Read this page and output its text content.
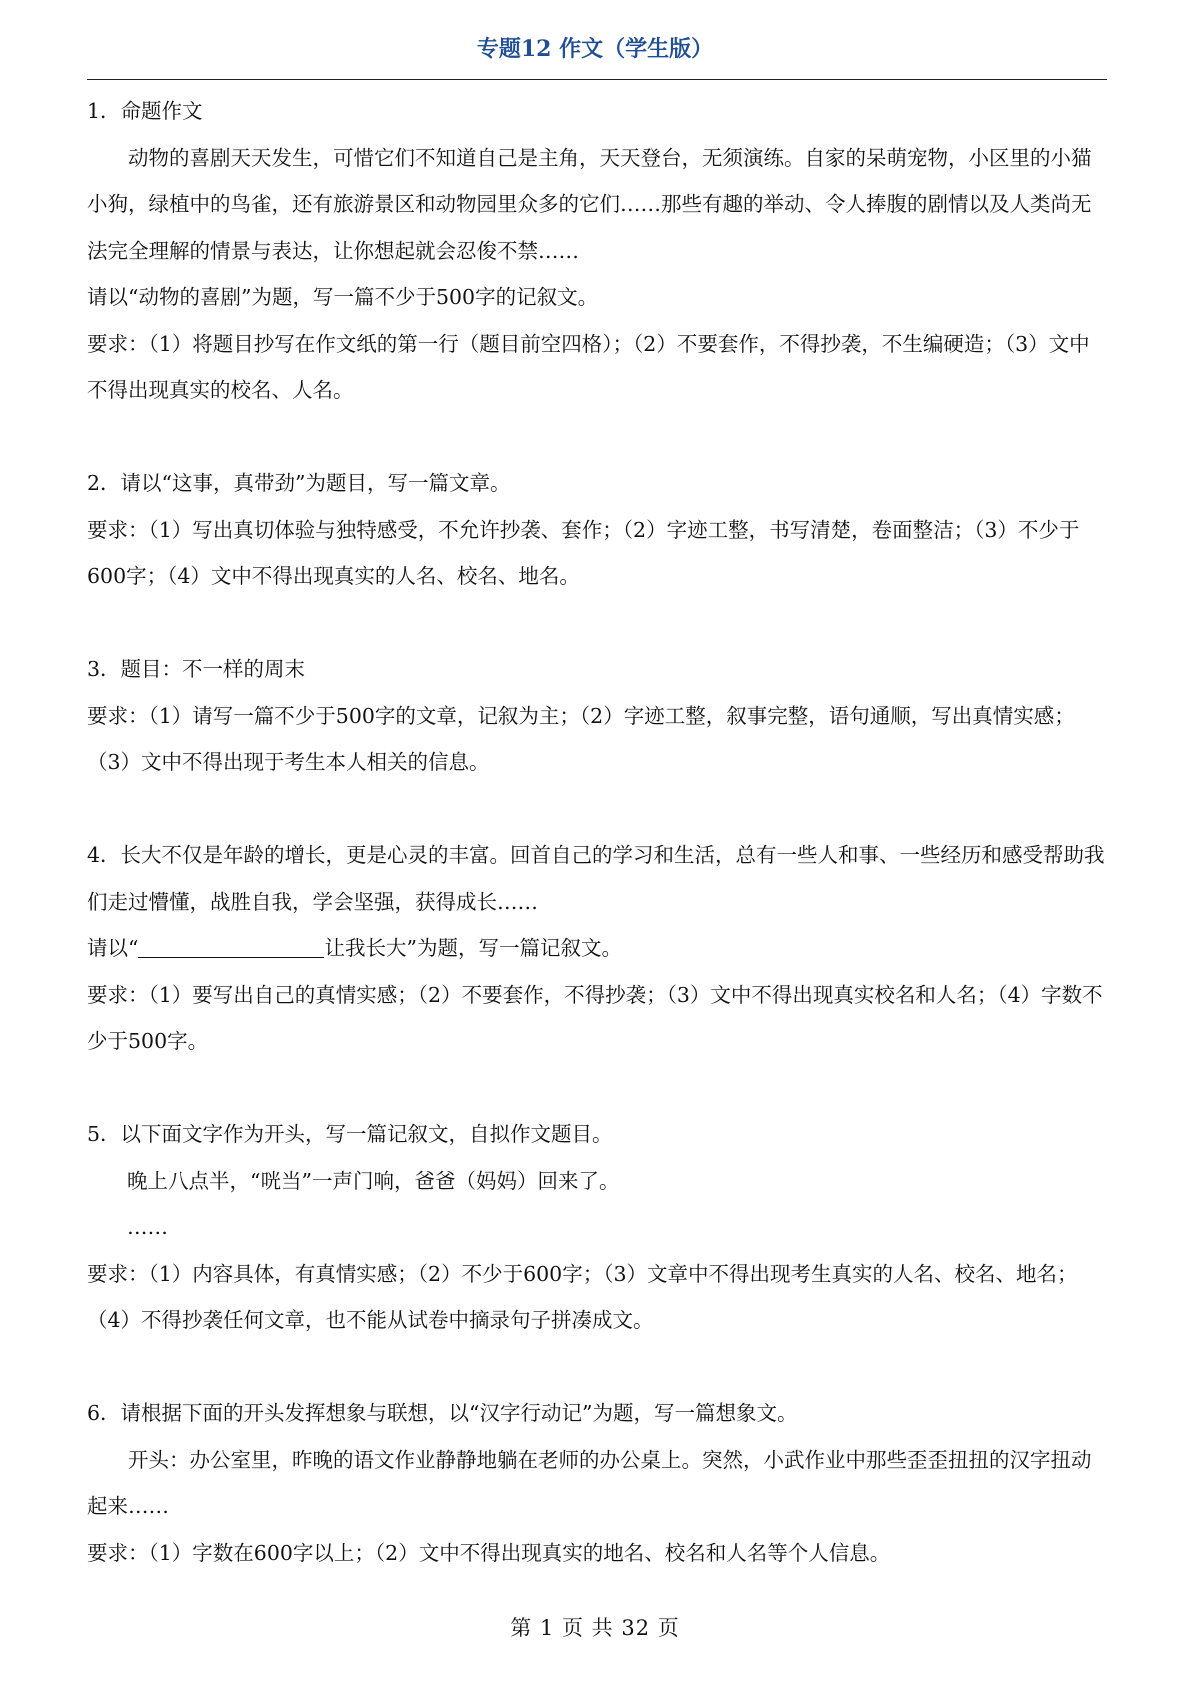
专题12 作文（学生版）

1．命题作文

动物的喜剧天天发生，可惜它们不知道自己是主角，天天登台，无须演练。自家的呆萌宠物，小区里的小猫小狗，绿植中的鸟雀，还有旅游景区和动物园里众多的它们……那些有趣的举动、令人捧腹的剧情以及人类尚无法完全理解的情景与表达，让你想起就会忍俊不禁……

请以“动物的喜剧”为题，写一篇不少于500字的记叙文。

要求：（1）将题目抄写在作文纸的第一行（题目前空四格）；（2）不要套作，不得抄袭，不生编硬造；（3）文中不得出现真实的校名、人名。

2．请以“这事，真带劲”为题目，写一篇文章。

要求：（1）写出真切体验与独特感受，不允许抄袭、套作；（2）字迹工整，书写清楚，卷面整洁；（3）不少于600字；（4）文中不得出现真实的人名、校名、地名。

3．题目：不一样的周末

要求：（1）请写一篇不少于500字的文章，记叙为主；（2）字迹工整，叙事完整，语句通顺，写出真情实感；（3）文中不得出现于考生本人相关的信息。

4．长大不仅是年龄的增长，更是心灵的丰富。回首自己的学习和生活，总有一些人和事、一些经历和感受帮助我们走过懵懂，战胜自我，学会坚强，获得成长……

请以“	让我长大”为题，写一篇记叙文。

要求：（1）要写出自己的真情实感；（2）不要套作，不得抄袭；（3）文中不得出现真实校名和人名；（4）字数不少于500字。

5．以下面文字作为开头，写一篇记叙文，自拟作文题目。

晚上八点半，“咣当”一声门响，爸爸（妈妈）回来了。

……

要求：（1）内容具体，有真情实感；（2）不少于600字；（3）文章中不得出现考生真实的人名、校名、地名；（4）不得抄袭任何文章，也不能从试卷中摘录句子拼凑成文。

6．请根据下面的开头发挥想象与联想，以“汉字行动记”为题，写一篇想象文。

开头：办公室里，昨晚的语文作业静静地躺在老师的办公桌上。突然，小武作业中那些歪歪扭扭的汉字扭动起来……

要求：（1）字数在600字以上；（2）文中不得出现真实的地名、校名和人名等个人信息。

第 1 页 共 32 页
